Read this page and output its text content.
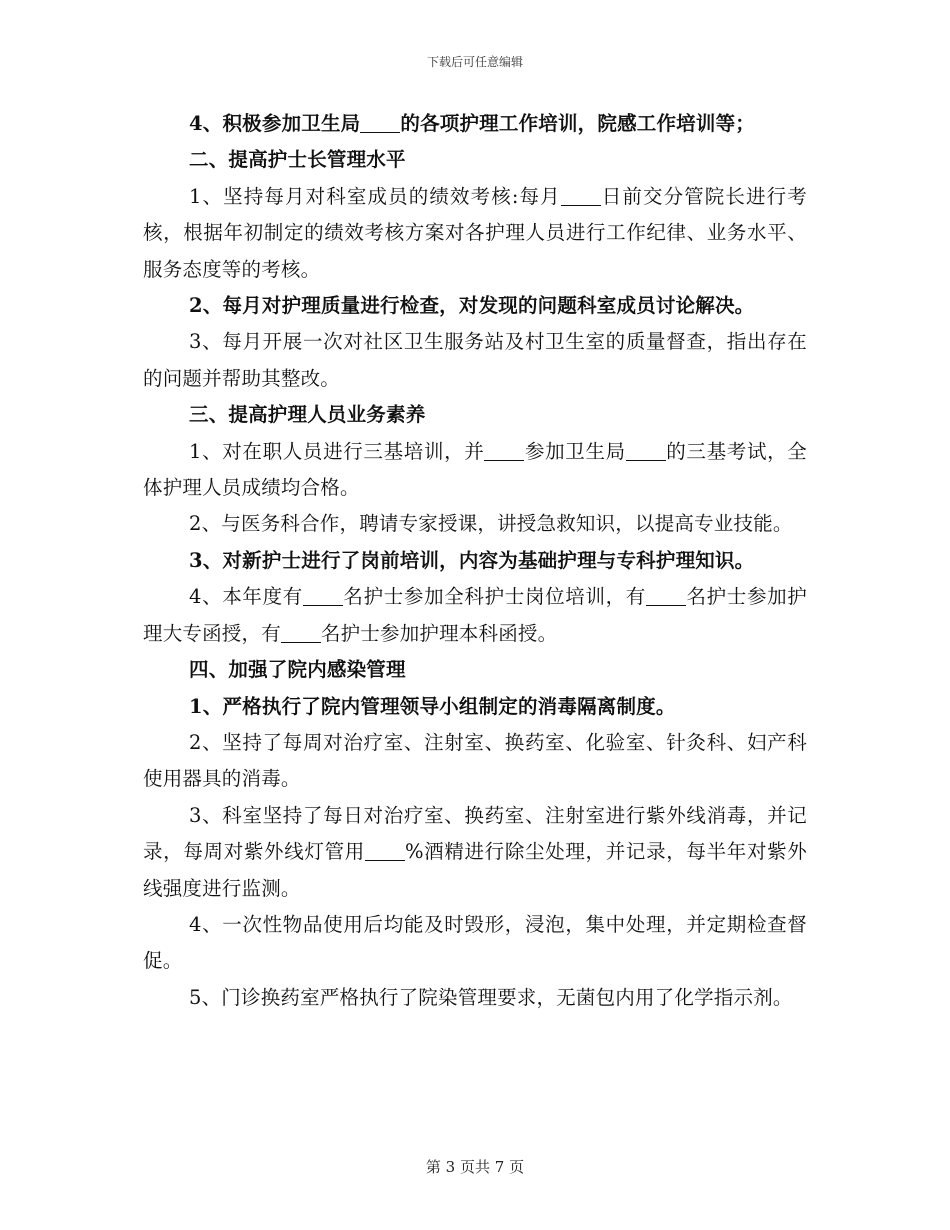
下载后可任意编辑

4、积极参加卫生局 的各项护理工作培训，院感工作培训等；

二、提高护士长管理水平

1、坚持每月对科室成员的绩效考核:每月 日前交分管院长进行考核，根据年初制定的绩效考核方案对各护理人员进行工作纪律、业务水平、服务态度等的考核。

2、每月对护理质量进行检查，对发现的问题科室成员讨论解决。

3、每月开展一次对社区卫生服务站及村卫生室的质量督查，指出存在的问题并帮助其整改。

三、提高护理人员业务素养

1、对在职人员进行三基培训，并 参加卫生局 的三基考试，全体护理人员成绩均合格。

2、与医务科合作，聘请专家授课，讲授急救知识，以提高专业技能。

3、对新护士进行了岗前培训，内容为基础护理与专科护理知识。

4、本年度有 名护士参加全科护士岗位培训，有 名护士参加护理大专函授，有 名护士参加护理本科函授。

四、加强了院内感染管理

1、严格执行了院内管理领导小组制定的消毒隔离制度。

2、坚持了每周对治疗室、注射室、换药室、化验室、针灸科、妇产科使用器具的消毒。

3、科室坚持了每日对治疗室、换药室、注射室进行紫外线消毒，并记录，每周对紫外线灯管用 %酒精进行除尘处理，并记录，每半年对紫外线强度进行监测。

4、一次性物品使用后均能及时毁形，浸泡，集中处理，并定期检查督促。

5、门诊换药室严格执行了院染管理要求，无菌包内用了化学指示剂。

第 3 页共 7 页
